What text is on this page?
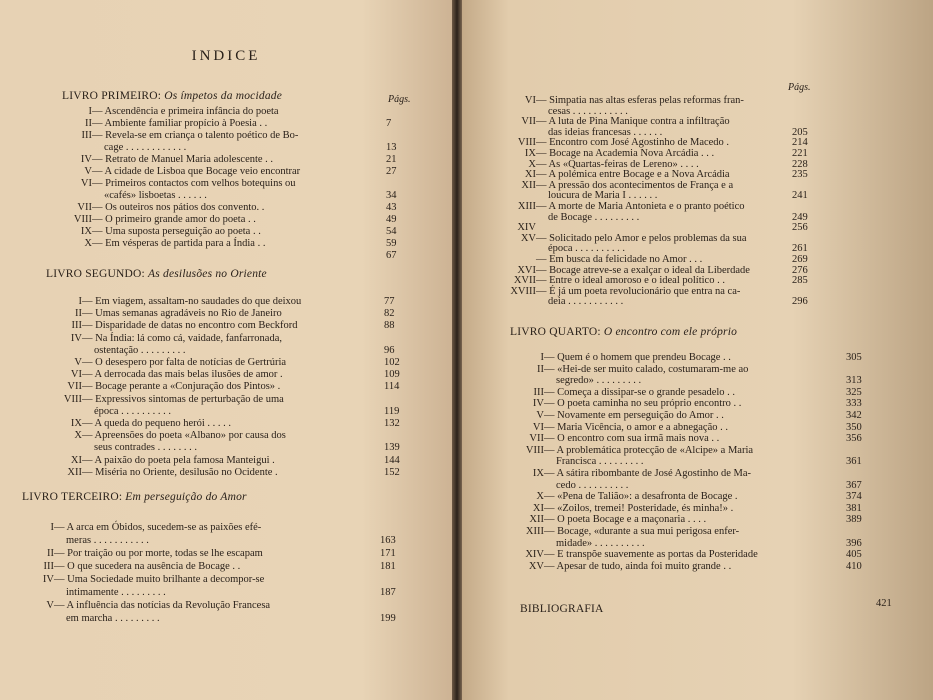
INDICE
LIVRO PRIMEIRO: Os ímpetos da mocidade	Págs.
I— Ascendência e primeira infância do poeta
II— Ambiente familiar propício à Poesia . .	7
III— Revela-se em criança o talento poético de Bo-
cage . . . . . . . . . . . .	13
IV— Retrato de Manuel Maria adolescente . .	21
V— A cidade de Lisboa que Bocage veio encontrar	27
VI— Primeiros contactos com velhos botequins ou
«cafés» lisboetas . . . . . .	34
VII— Os outeiros nos pátios dos convento. .	43
VIII— O primeiro grande amor do poeta . .	49
IX— Uma suposta perseguição ao poeta . .	54
X— Em vésperas de partida para a Índia . .	59
67
LIVRO SEGUNDO: As desilusões no Oriente
I— Em viagem, assaltam-no saudades do que deixou	77
II— Umas semanas agradáveis no Rio de Janeiro	82
III— Disparidade de datas no encontro com Beckford	88
IV— Na Índia: lá como cá, vaidade, fanfarronada,
ostentação . . . . . . . . .	96
V— O desespero por falta de notícias de Gertrúria	102
VI— A derrocada das mais belas ilusões de amor .	109
VII— Bocage perante a «Conjuração dos Pintos» .	114
VIII— Expressivos sintomas de perturbação de uma
época . . . . . . . . . .	119
IX— A queda do pequeno herói . . . . .	132
X— Apreensões do poeta «Albano» por causa dos
seus contrades . . . . . . . .	139
XI— A paixão do poeta pela famosa Manteigui .	144
XII— Miséria no Oriente, desilusão no Ocidente .	152
LIVRO TERCEIRO: Em perseguição do Amor
I— A arca em Óbidos, sucedem-se as paixões efé-
meras . . . . . . . . . . .	163
II— Por traição ou por morte, todas se lhe escapam	171
III— O que sucedera na ausência de Bocage . .	181
IV— Uma Sociedade muito brilhante a decompor-se
intimamente . . . . . . . . .	187
V— A influência das notícias da Revolução Francesa
em marcha . . . . . . . . .	199
Págs.
VI— Simpatia nas altas esferas pelas reformas fran-
cesas . . . . . . . . . . .
VII— A luta de Pina Manique contra a infiltração
das ideias francesas . . . . . .	205
VIII— Encontro com José Agostinho de Macedo .	214
IX— Bocage na Academia Nova Arcádia . . .	221
X— As «Quartas-feiras de Lereno» . . . .	228
XI— A polémica entre Bocage e a Nova Arcádia	235
XII— A pressão dos acontecimentos de França e a
loucura de Maria I . . . . . .	241
XIII— A morte de Maria Antonieta e o pranto poético
de Bocage . . . . . . . . .	249
XIV	256
XV— Solicitado pelo Amor e pelos problemas da sua
época . . . . . . . . . .	261
— Em busca da felicidade no Amor . . .	269
XVI— Bocage atreve-se a exalçar o ideal da Liberdade	276
XVII— Entre o ideal amoroso e o ideal político . .	285
XVIII— É já um poeta revolucionário que entra na ca-
deia . . . . . . . . . . .	296
LIVRO QUARTO: O encontro com ele próprio
I— Quem é o homem que prendeu Bocage . .	305
II— «Hei-de ser muito calado, costumaram-me ao
segredo» . . . . . . . . .	313
III— Começa a dissipar-se o grande pesadelo . .	325
IV— O poeta caminha no seu próprio encontro . .	333
V— Novamente em perseguição do Amor . .	342
VI— Maria Vicência, o amor e a abnegação . .	350
VII— O encontro com sua irmã mais nova . .	356
VIII— A problemática protecção de «Alcipe» a Maria
Francisca . . . . . . . . .	361
IX— A sátira ribombante de José Agostinho de Ma-
cedo . . . . . . . . . .	367
X— «Pena de Talião»: a desafronta de Bocage .	374
XI— «Zoilos, tremei! Posteridade, és minha!» .	381
XII— O poeta Bocage e a maçonaria . . . .	389
XIII— Bocage, «durante a sua mui perigosa enfer-
midade» . . . . . . . . . .	396
XIV— E transpõe suavemente as portas da Posteridade	405
XV— Apesar de tudo, ainda foi muito grande . .	410
BIBLIOGRAFIA	421
